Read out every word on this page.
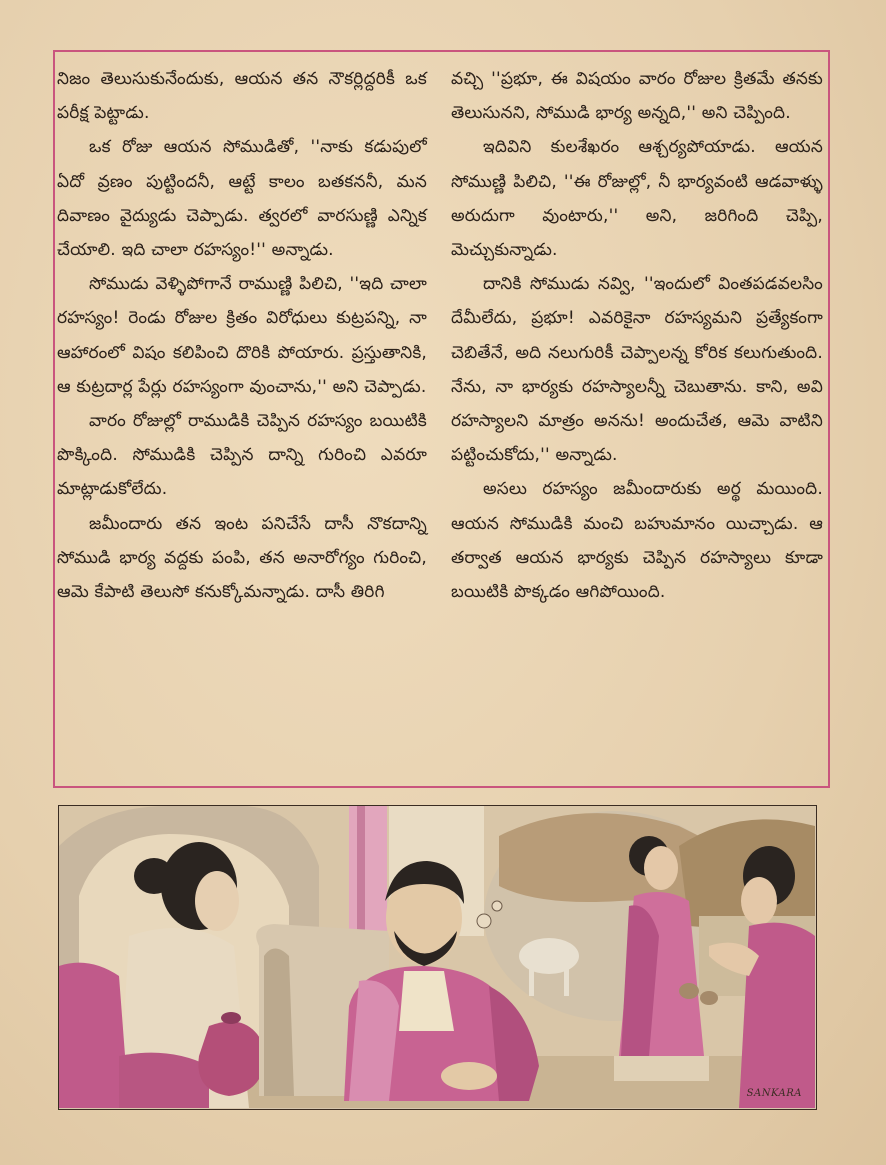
నిజం తెలుసుకునేందుకు, ఆయన తన నౌకర్లిద్దరికీ ఒక పరీక్ష పెట్టాడు.

ఒక రోజు ఆయన సోముడితో, ''నాకు కడుపులో ఏదో వ్రణం పుట్టిందనీ, ఆట్టే కాలం బతకననీ, మన దివాణం వైద్యుడు చెప్పాడు. త్వరలో వారసుణ్ణి ఎన్నిక చేయాలి. ఇది చాలా రహస్యం!'' అన్నాడు.

సోముడు వెళ్ళిపోగానే రాముణ్ణి పిలిచి, ''ఇది చాలా రహస్యం! రెండు రోజుల క్రితం విరోధులు కుట్రపన్ని, నా ఆహారంలో విషం కలిపించి దొరికి పోయారు. ప్రస్తుతానికి, ఆ కుట్రదార్ల పేర్లు రహస్యంగా వుంచాను,'' అని చెప్పాడు.

వారం రోజుల్లో రాముడికి చెప్పిన రహస్యం బయిటికి పొక్కింది. సోముడికి చెప్పిన దాన్ని గురించి ఎవరూ మాట్లాడుకోలేదు.

జమీందారు తన ఇంట పనిచేసే దాసీ నొకదాన్ని సోముడి భార్య వద్దకు పంపి, తన అనారోగ్యం గురించి, ఆమె కేపాటి తెలుసో కనుక్కోమన్నాడు. దాసీ తిరిగి

వచ్చి ''ప్రభూ, ఈ విషయం వారం రోజుల క్రితమే తనకు తెలుసునని, సోముడి భార్య అన్నది,'' అని చెప్పింది.

ఇదివిని కులశేఖరం ఆశ్చర్యపోయాడు. ఆయన సోముణ్ణి పిలిచి, ''ఈ రోజుల్లో, నీ భార్యవంటి ఆడవాళ్ళు అరుదుగా వుంటారు,'' అని, జరిగింది చెప్పి, మెచ్చుకున్నాడు.

దానికి సోముడు నవ్వి, ''ఇందులో వింతపడవలసిం దేమీలేదు, ప్రభూ! ఎవరికైనా రహస్యమని ప్రత్యేకంగా చెబితేనే, అది నలుగురికీ చెప్పాలన్న కోరిక కలుగుతుంది. నేను, నా భార్యకు రహస్యాలన్నీ చెబుతాను. కాని, అవి రహస్యాలని మాత్రం అనను! అందుచేత, ఆమె వాటిని పట్టించుకోదు,'' అన్నాడు.

అసలు రహస్యం జమీందారుకు అర్థ మయింది. ఆయన సోముడికి మంచి బహుమానం యిచ్చాడు. ఆ తర్వాత ఆయన భార్యకు చెప్పిన రహస్యాలు కూడా బయిటికి పొక్కడం ఆగిపోయింది.

SANKARA
